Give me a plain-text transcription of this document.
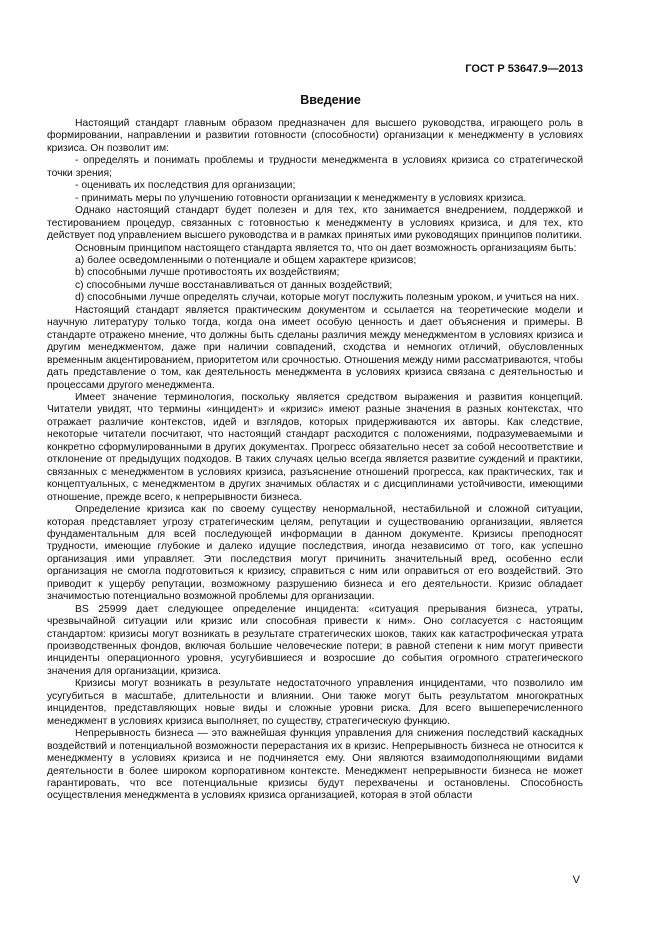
ГОСТ Р 53647.9—2013
Введение

Настоящий стандарт главным образом предназначен для высшего руководства, играющего роль в формировании, направлении и развитии готовности (способности) организации к менеджменту в условиях кризиса. Он позволит им:

- определять и понимать проблемы и трудности менеджмента в условиях кризиса со стратегической точки зрения;

- оценивать их последствия для организации;

- принимать меры по улучшению готовности организации к менеджменту в условиях кризиса.

Однако настоящий стандарт будет полезен и для тех, кто занимается внедрением, поддержкой и тестированием процедур, связанных с готовностью к менеджменту в условиях кризиса, и для тех, кто действует под управлением высшего руководства и в рамках принятых ими руководящих принципов политики.

Основным принципом настоящего стандарта является то, что он дает возможность организациям быть:

а) более осведомленными о потенциале и общем характере кризисов;

b) способными лучше противостоять их воздействиям;

c) способными лучше восстанавливаться от данных воздействий;

d) способными лучше определять случаи, которые могут послужить полезным уроком, и учиться на них.

Настоящий стандарт является практическим документом и ссылается на теоретические модели и научную литературу только тогда, когда она имеет особую ценность и дает объяснения и примеры. В стандарте отражено мнение, что должны быть сделаны различия между менеджментом в условиях кризиса и другим менеджментом, даже при наличии совпадений, сходства и немногих отличий, обусловленных временным акцентированием, приоритетом или срочностью. Отношения между ними рассматриваются, чтобы дать представление о том, как деятельность менеджмента в условиях кризиса связана с деятельностью и процессами другого менеджмента.

Имеет значение терминология, поскольку является средством выражения и развития концепций. Читатели увидят, что термины «инцидент» и «кризис» имеют разные значения в разных контекстах, что отражает различие контекстов, идей и взглядов, которых придерживаются их авторы. Как следствие, некоторые читатели посчитают, что настоящий стандарт расходится с положениями, подразумеваемыми и конкретно сформулированными в других документах. Прогресс обязательно несет за собой несоответствие и отклонение от предыдущих подходов. В таких случаях целью всегда является развитие суждений и практики, связанных с менеджментом в условиях кризиса, разъяснение отношений прогресса, как практических, так и концептуальных, с менеджментом в других значимых областях и с дисциплинами устойчивости, имеющими отношение, прежде всего, к непрерывности бизнеса.

Определение кризиса как по своему существу ненормальной, нестабильной и сложной ситуации, которая представляет угрозу стратегическим целям, репутации и существованию организации, является фундаментальным для всей последующей информации в данном документе. Кризисы преподносят трудности, имеющие глубокие и далеко идущие последствия, иногда независимо от того, как успешно организация ими управляет. Эти последствия могут причинить значительный вред, особенно если организация не смогла подготовиться к кризису, справиться с ним или оправиться от его воздействий. Это приводит к ущербу репутации, возможному разрушению бизнеса и его деятельности. Кризис обладает значимостью потенциально возможной проблемы для организации.

BS 25999 дает следующее определение инцидента: «ситуация прерывания бизнеса, утраты, чрезвычайной ситуации или кризис или способная привести к ним». Оно согласуется с настоящим стандартом: кризисы могут возникать в результате стратегических шоков, таких как катастрофическая утрата производственных фондов, включая большие человеческие потери; в равной степени к ним могут привести инциденты операционного уровня, усугубившиеся и возросшие до события огромного стратегического значения для организации, кризиса.

Кризисы могут возникать в результате недостаточного управления инцидентами, что позволило им усугубиться в масштабе, длительности и влиянии. Они также могут быть результатом многократных инцидентов, представляющих новые виды и сложные уровни риска. Для всего вышеперечисленного менеджмент в условиях кризиса выполняет, по существу, стратегическую функцию.

Непрерывность бизнеса — это важнейшая функция управления для снижения последствий каскадных воздействий и потенциальной возможности перерастания их в кризис. Непрерывность бизнеса не относится к менеджменту в условиях кризиса и не подчиняется ему. Они являются взаимодополняющими видами деятельности в более широком корпоративном контексте. Менеджмент непрерывности бизнеса не может гарантировать, что все потенциальные кризисы будут перехвачены и остановлены. Способность осуществления менеджмента в условиях кризиса организацией, которая в этой области

V
